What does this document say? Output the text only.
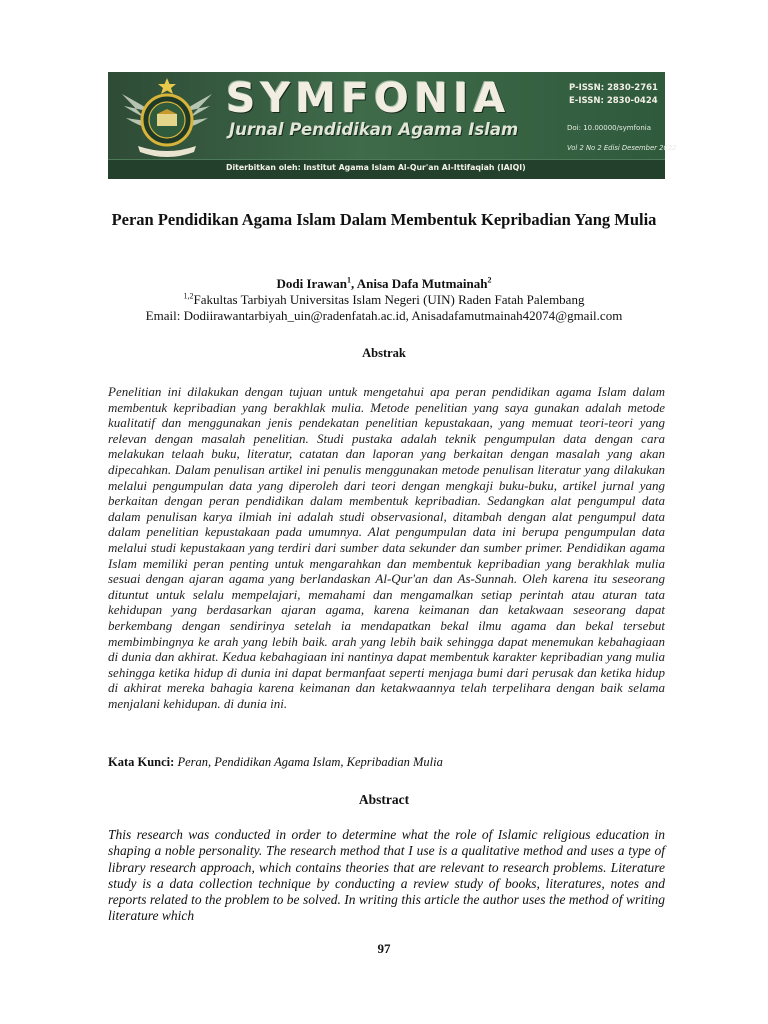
SYMFONIA
Jurnal Pendidikan Agama Islam
P-ISSN: 2830-2761
E-ISSN: 2830-0424
Doi: 10.00000/symfonia
Vol 2 No 2 Edisi Desember 2022
Diterbitkan oleh: Institut Agama Islam Al-Qur'an Al-Ittifaqiah (IAIQI)
Peran Pendidikan Agama Islam Dalam Membentuk Kepribadian Yang Mulia
Dodi Irawan$^1$, Anisa Dafa Mutmainah$^2$
$^{1,2}$Fakultas Tarbiyah Universitas Islam Negeri (UIN) Raden Fatah Palembang
Email: Dodiirawantarbiyah_uin@radenfatah.ac.id, Anisadafamutmainah42074@gmail.com
Abstrak
Penelitian ini dilakukan dengan tujuan untuk mengetahui apa peran pendidikan agama Islam dalam membentuk kepribadian yang berakhlak mulia. Metode penelitian yang saya gunakan adalah metode kualitatif dan menggunakan jenis pendekatan penelitian kepustakaan, yang memuat teori-teori yang relevan dengan masalah penelitian. Studi pustaka adalah teknik pengumpulan data dengan cara melakukan telaah buku, literatur, catatan dan laporan yang berkaitan dengan masalah yang akan dipecahkan. Dalam penulisan artikel ini penulis menggunakan metode penulisan literatur yang dilakukan melalui pengumpulan data yang diperoleh dari teori dengan mengkaji buku-buku, artikel jurnal yang berkaitan dengan peran pendidikan dalam membentuk kepribadian. Sedangkan alat pengumpul data dalam penulisan karya ilmiah ini adalah studi observasional, ditambah dengan alat pengumpul data dalam penelitian kepustakaan pada umumnya. Alat pengumpulan data ini berupa pengumpulan data melalui studi kepustakaan yang terdiri dari sumber data sekunder dan sumber primer. Pendidikan agama Islam memiliki peran penting untuk mengarahkan dan membentuk kepribadian yang berakhlak mulia sesuai dengan ajaran agama yang berlandaskan Al-Qur'an dan As-Sunnah. Oleh karena itu seseorang dituntut untuk selalu mempelajari, memahami dan mengamalkan setiap perintah atau aturan tata kehidupan yang berdasarkan ajaran agama, karena keimanan dan ketakwaan seseorang dapat berkembang dengan sendirinya setelah ia mendapatkan bekal ilmu agama dan bekal tersebut membimbingnya ke arah yang lebih baik. arah yang lebih baik sehingga dapat menemukan kebahagiaan di dunia dan akhirat. Kedua kebahagiaan ini nantinya dapat membentuk karakter kepribadian yang mulia sehingga ketika hidup di dunia ini dapat bermanfaat seperti menjaga bumi dari perusak dan ketika hidup di akhirat mereka bahagia karena keimanan dan ketakwaannya telah terpelihara dengan baik selama menjalani kehidupan. di dunia ini.
Kata Kunci: Peran, Pendidikan Agama Islam, Kepribadian Mulia
Abstract
This research was conducted in order to determine what the role of Islamic religious education in shaping a noble personality. The research method that I use is a qualitative method and uses a type of library research approach, which contains theories that are relevant to research problems. Literature study is a data collection technique by conducting a review study of books, literatures, notes and reports related to the problem to be solved. In writing this article the author uses the method of writing literature which
97
